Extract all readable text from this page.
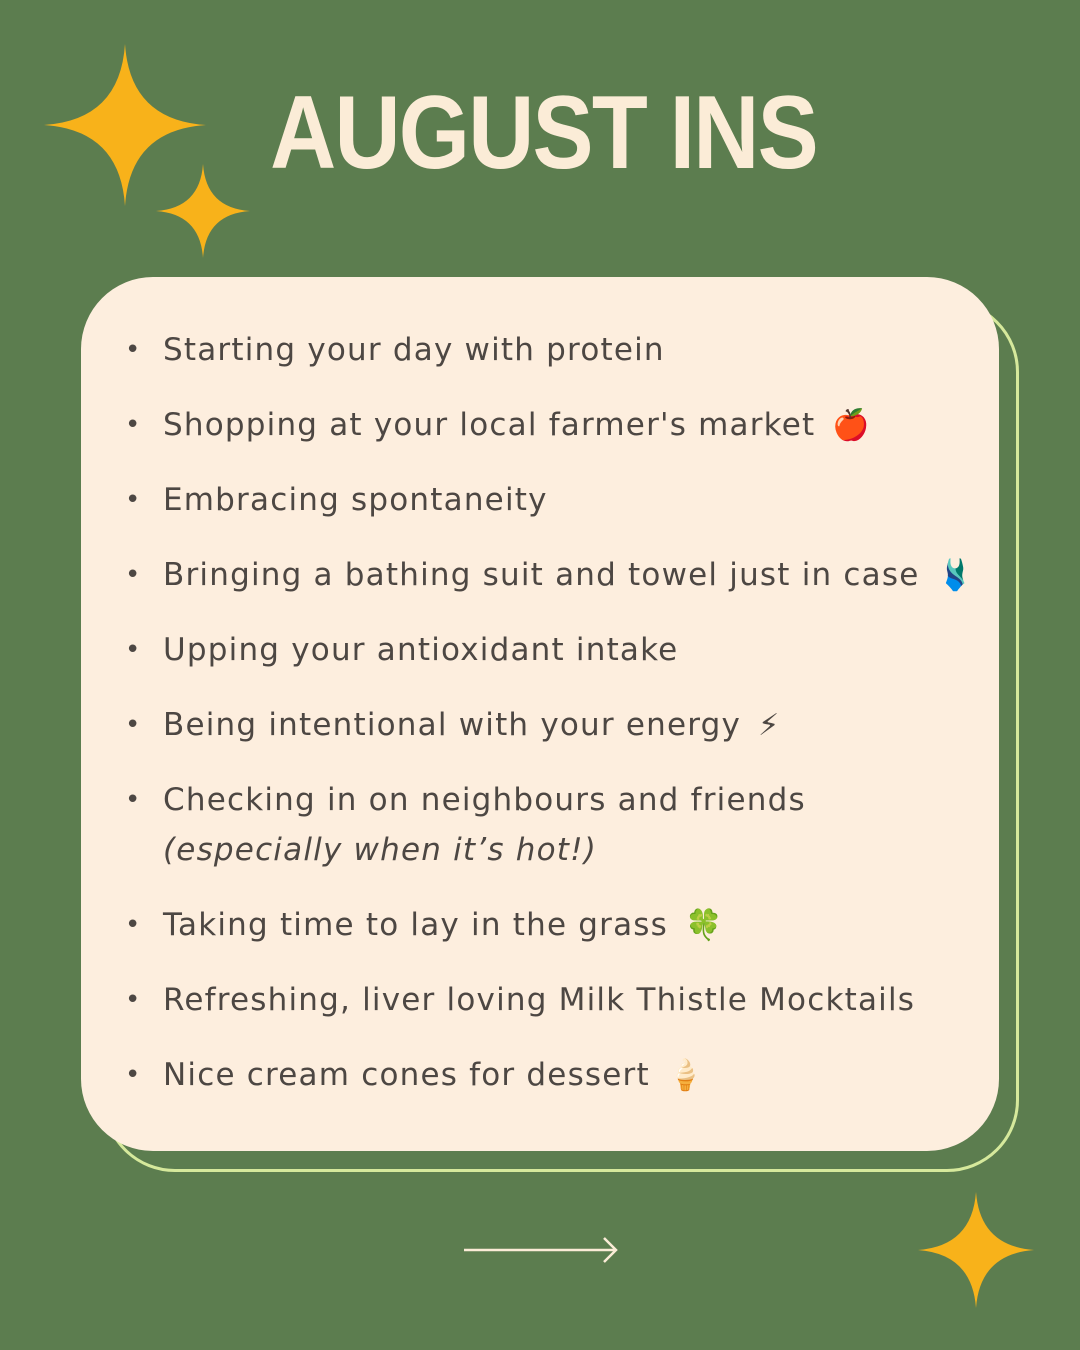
AUGUST INS
• Starting your day with protein
• Shopping at your local farmer's market 🍎
• Embracing spontaneity
• Bringing a bathing suit and towel just in case 🩱
• Upping your antioxidant intake
• Being intentional with your energy ⚡
• Checking in on neighbours and friends
(especially when it’s hot!)
• Taking time to lay in the grass 🍀
• Refreshing, liver loving Milk Thistle Mocktails
• Nice cream cones for dessert 🍦
